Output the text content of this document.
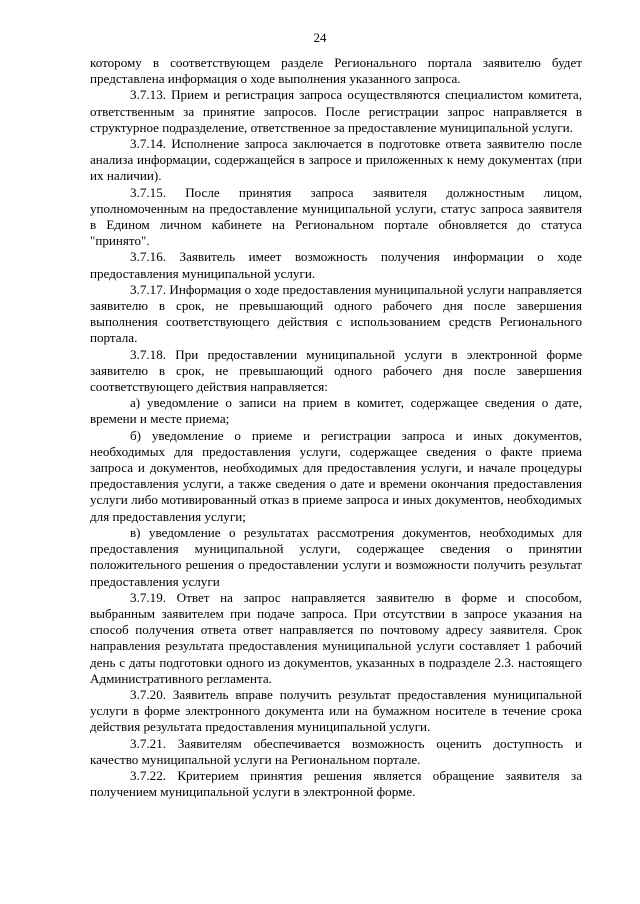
24

которому в соответствующем разделе Регионального портала заявителю будет представлена информация о ходе выполнения указанного запроса.

3.7.13. Прием и регистрация запроса осуществляются специалистом комитета, ответственным за принятие запросов. После регистрации запрос направляется в структурное подразделение, ответственное за предоставление муниципальной услуги.

3.7.14. Исполнение запроса заключается в подготовке ответа заявителю после анализа информации, содержащейся в запросе и приложенных к нему документах (при их наличии).

3.7.15. После принятия запроса заявителя должностным лицом, уполномоченным на предоставление муниципальной услуги, статус запроса заявителя в Едином личном кабинете на Региональном портале обновляется до статуса "принято".

3.7.16. Заявитель имеет возможность получения информации о ходе предоставления муниципальной услуги.

3.7.17. Информация о ходе предоставления муниципальной услуги направляется заявителю в срок, не превышающий одного рабочего дня после завершения выполнения соответствующего действия с использованием средств Регионального портала.

3.7.18. При предоставлении муниципальной услуги в электронной форме заявителю в срок, не превышающий одного рабочего дня после завершения соответствующего действия направляется:

а) уведомление о записи на прием в комитет, содержащее сведения о дате, времени и месте приема;

б) уведомление о приеме и регистрации запроса и иных документов, необходимых для предоставления услуги, содержащее сведения о факте приема запроса и документов, необходимых для предоставления услуги, и начале процедуры предоставления услуги, а также сведения о дате и времени окончания предоставления услуги либо мотивированный отказ в приеме запроса и иных документов, необходимых для предоставления услуги;

в) уведомление о результатах рассмотрения документов, необходимых для предоставления муниципальной услуги, содержащее сведения о принятии положительного решения о предоставлении услуги и возможности получить результат предоставления услуги

3.7.19. Ответ на запрос направляется заявителю в форме и способом, выбранным заявителем при подаче запроса. При отсутствии в запросе указания на способ получения ответа ответ направляется по почтовому адресу заявителя. Срок направления результата предоставления муниципальной услуги составляет 1 рабочий день с даты подготовки одного из документов, указанных в подразделе 2.3. настоящего Административного регламента.

3.7.20. Заявитель вправе получить результат предоставления муниципальной услуги в форме электронного документа или на бумажном носителе в течение срока действия результата предоставления муниципальной услуги.

3.7.21. Заявителям обеспечивается возможность оценить доступность и качество муниципальной услуги на Региональном портале.

3.7.22. Критерием принятия решения является обращение заявителя за получением муниципальной услуги в электронной форме.
